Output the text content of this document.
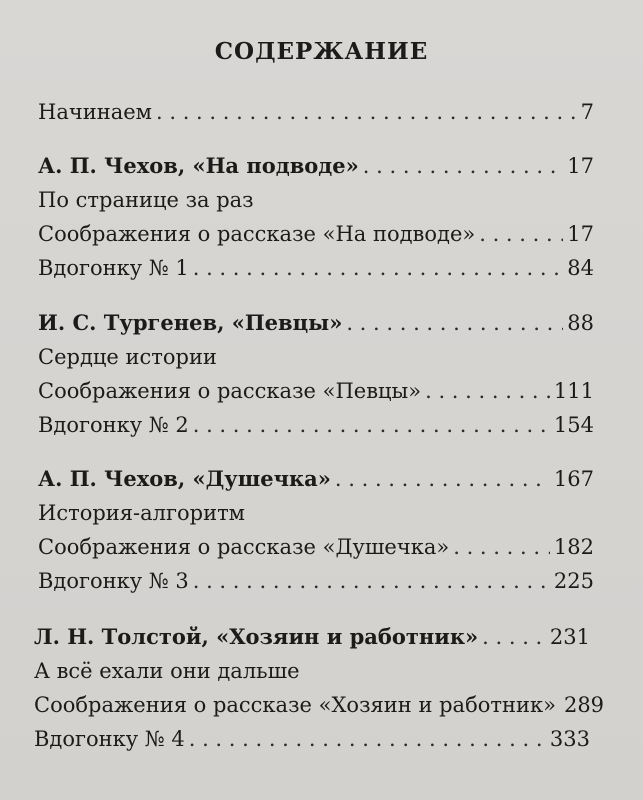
СОДЕРЖАНИЕ
Начинаем . . .	7
А. П. Чехов, «На подводе» . . .	17
По странице за раз
Соображения о рассказе «На подводе» . . .	17
Вдогонку № 1 . . .	84
И. С. Тургенев, «Певцы» . . .	88
Сердце истории
Соображения о рассказе «Певцы» . . .	111
Вдогонку № 2 . . .	154
А. П. Чехов, «Душечка» . . .	167
История-алгоритм
Соображения о рассказе «Душечка» . . .	182
Вдогонку № 3 . . .	225
Л. Н. Толстой, «Хозяин и работник» . . .	231
А всё ехали они дальше
Соображения о рассказе «Хозяин и работник» 289
Вдогонку № 4 . . .	333
